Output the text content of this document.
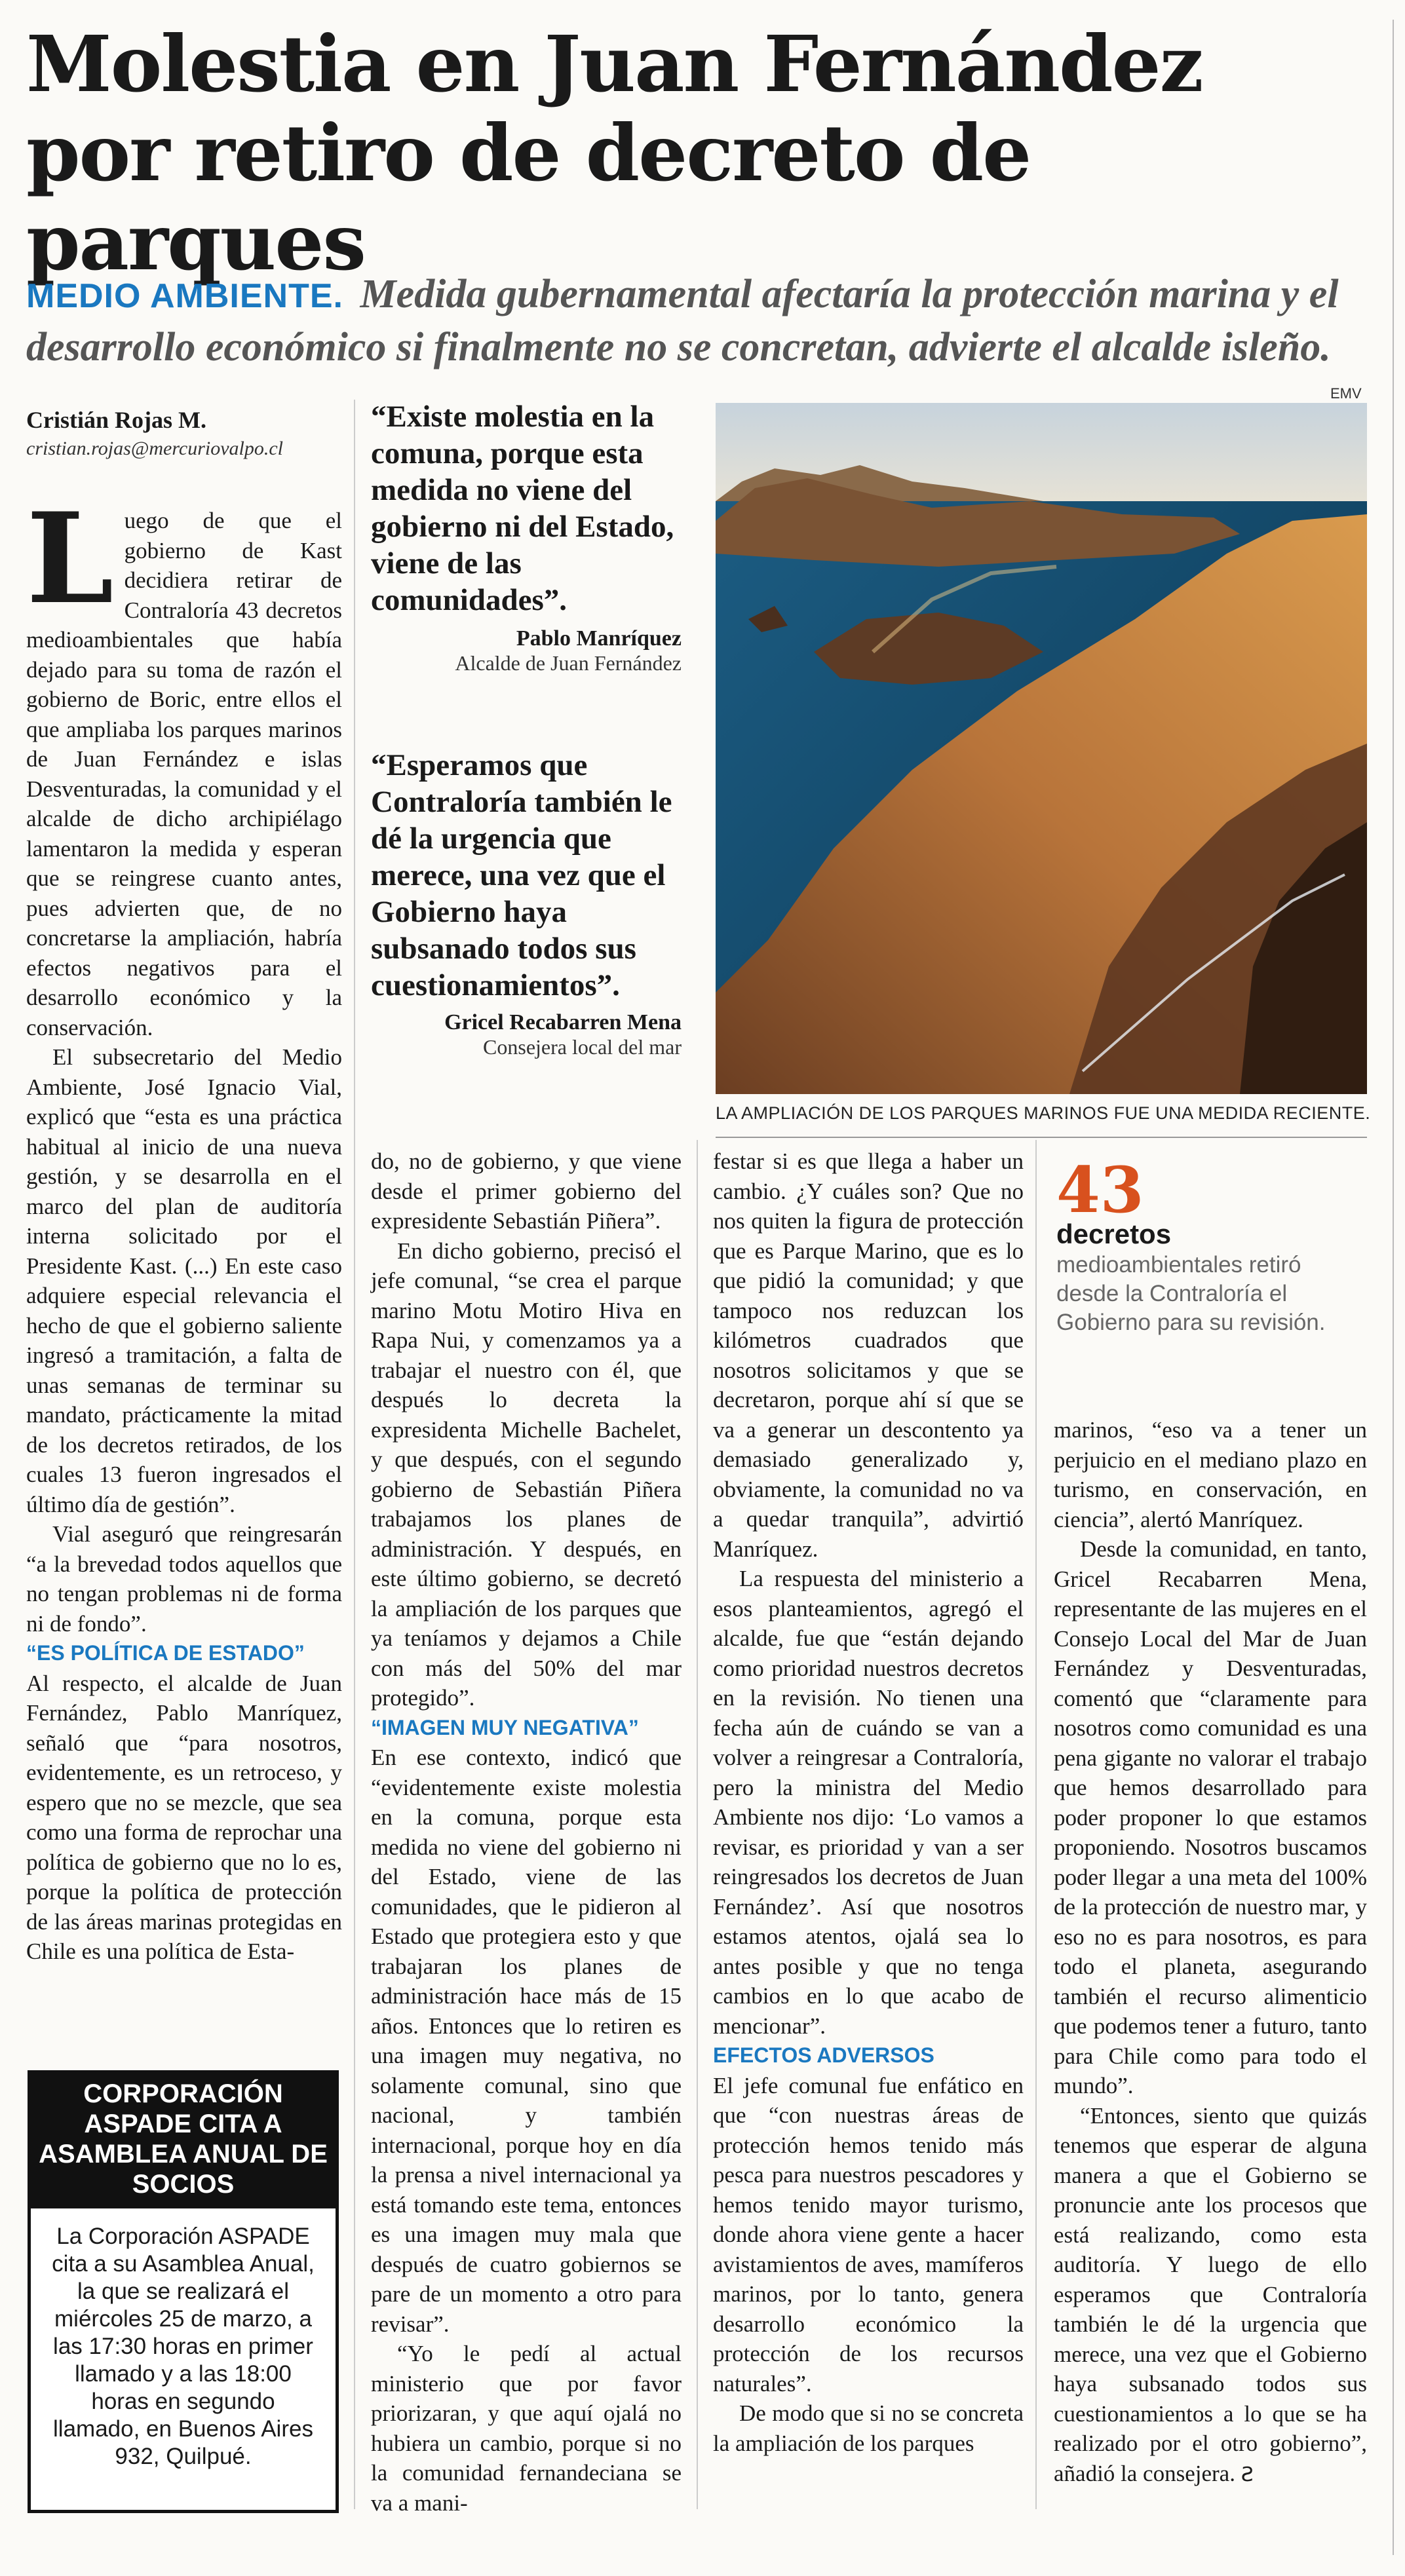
Molestia en Juan Fernández
por retiro de decreto de parques
MEDIO AMBIENTE. Medida gubernamental afectaría la protección marina y el desarrollo económico si finalmente no se concretan, advierte el alcalde isleño.
Cristián Rojas M.
cristian.rojas@mercuriovalpo.cl

Luego de que el gobierno de Kast decidiera retirar de Contraloría 43 decretos medioambientales que había dejado para su toma de razón el gobierno de Boric, entre ellos el que ampliaba los parques marinos de Juan Fernández e islas Desventuradas, la comunidad y el alcalde de dicho archipiélago lamentaron la medida y esperan que se reingrese cuanto antes, pues advierten que, de no concretarse la ampliación, habría efectos negativos para el desarrollo económico y la conservación.

El subsecretario del Medio Ambiente, José Ignacio Vial, explicó que “esta es una práctica habitual al inicio de una nueva gestión, y se desarrolla en el marco del plan de auditoría interna solicitado por el Presidente Kast. (...) En este caso adquiere especial relevancia el hecho de que el gobierno saliente ingresó a tramitación, a falta de unas semanas de terminar su mandato, prácticamente la mitad de los decretos retirados, de los cuales 13 fueron ingresados el último día de gestión”.

Vial aseguró que reingresarán “a la brevedad todos aquellos que no tengan problemas ni de forma ni de fondo”.

“ES POLÍTICA DE ESTADO”

Al respecto, el alcalde de Juan Fernández, Pablo Manríquez, señaló que “para nosotros, evidentemente, es un retroceso, y espero que no se mezcle, que sea como una forma de reprochar una política de gobierno que no lo es, porque la política de protección de las áreas marinas protegidas en Chile es una política de Esta-

“Existe molestia en la comuna, porque esta medida no viene del gobierno ni del Estado, viene de las comunidades”.
Pablo Manríquez
Alcalde de Juan Fernández
“Esperamos que Contraloría también le dé la urgencia que merece, una vez que el Gobierno haya subsanado todos sus cuestionamientos”.
Gricel Recabarren Mena
Consejera local del mar
EMV
LA AMPLIACIÓN DE LOS PARQUES MARINOS FUE UNA MEDIDA RECIENTE.

do, no de gobierno, y que viene desde el primer gobierno del expresidente Sebastián Piñera”.

En dicho gobierno, precisó el jefe comunal, “se crea el parque marino Motu Motiro Hiva en Rapa Nui, y comenzamos ya a trabajar el nuestro con él, que después lo decreta la expresidenta Michelle Bachelet, y que después, con el segundo gobierno de Sebastián Piñera trabajamos los planes de administración. Y después, en este último gobierno, se decretó la ampliación de los parques que ya teníamos y dejamos a Chile con más del 50% del mar protegido”.

“IMAGEN MUY NEGATIVA”

En ese contexto, indicó que “evidentemente existe molestia en la comuna, porque esta medida no viene del gobierno ni del Estado, viene de las comunidades, que le pidieron al Estado que protegiera esto y que trabajaran los planes de administración hace más de 15 años. Entonces que lo retiren es una imagen muy negativa, no solamente comunal, sino que nacional, y también internacional, porque hoy en día la prensa a nivel internacional ya está tomando este tema, entonces es una imagen muy mala que después de cuatro gobiernos se pare de un momento a otro para revisar”.

“Yo le pedí al actual ministerio que por favor priorizaran, y que aquí ojalá no hubiera un cambio, porque si no la comunidad fernandeciana se va a mani-

festar si es que llega a haber un cambio. ¿Y cuáles son? Que no nos quiten la figura de protección que es Parque Marino, que es lo que pidió la comunidad; y que tampoco nos reduzcan los kilómetros cuadrados que nosotros solicitamos y que se decretaron, porque ahí sí que se va a generar un descontento ya demasiado generalizado y, obviamente, la comunidad no va a quedar tranquila”, advirtió Manríquez.

La respuesta del ministerio a esos planteamientos, agregó el alcalde, fue que “están dejando como prioridad nuestros decretos en la revisión. No tienen una fecha aún de cuándo se van a volver a reingresar a Contraloría, pero la ministra del Medio Ambiente nos dijo: ‘Lo vamos a revisar, es prioridad y van a ser reingresados los decretos de Juan Fernández’. Así que nosotros estamos atentos, ojalá sea lo antes posible y que no tenga cambios en lo que acabo de mencionar”.

EFECTOS ADVERSOS

El jefe comunal fue enfático en que “con nuestras áreas de protección hemos tenido más pesca para nuestros pescadores y hemos tenido mayor turismo, donde ahora viene gente a hacer avistamientos de aves, mamíferos marinos, por lo tanto, genera desarrollo económico la protección de los recursos naturales”.

De modo que si no se concreta la ampliación de los parques

43
decretos medioambientales retiró desde la Contraloría el Gobierno para su revisión.

marinos, “eso va a tener un perjuicio en el mediano plazo en turismo, en conservación, en ciencia”, alertó Manríquez.

Desde la comunidad, en tanto, Gricel Recabarren Mena, representante de las mujeres en el Consejo Local del Mar de Juan Fernández y Desventuradas, comentó que “claramente para nosotros como comunidad es una pena gigante no valorar el trabajo que hemos desarrollado para poder proponer lo que estamos proponiendo. Nosotros buscamos poder llegar a una meta del 100% de la protección de nuestro mar, y eso no es para nosotros, es para todo el planeta, asegurando también el recurso alimenticio que podemos tener a futuro, tanto para Chile como para todo el mundo”.

“Entonces, siento que quizás tenemos que esperar de alguna manera a que el Gobierno se pronuncie ante los procesos que está realizando, como esta auditoría. Y luego de ello esperamos que Contraloría también le dé la urgencia que merece, una vez que el Gobierno haya subsanado todos sus cuestionamientos a lo que se ha realizado por el otro gobierno”, añadió la consejera. Ƨ

CORPORACIÓN ASPADE CITA A ASAMBLEA ANUAL DE SOCIOS
La Corporación ASPADE cita a su Asamblea Anual, la que se realizará el miércoles 25 de marzo, a las 17:30 horas en primer llamado y a las 18:00 horas en segundo llamado, en Buenos Aires 932, Quilpué.
